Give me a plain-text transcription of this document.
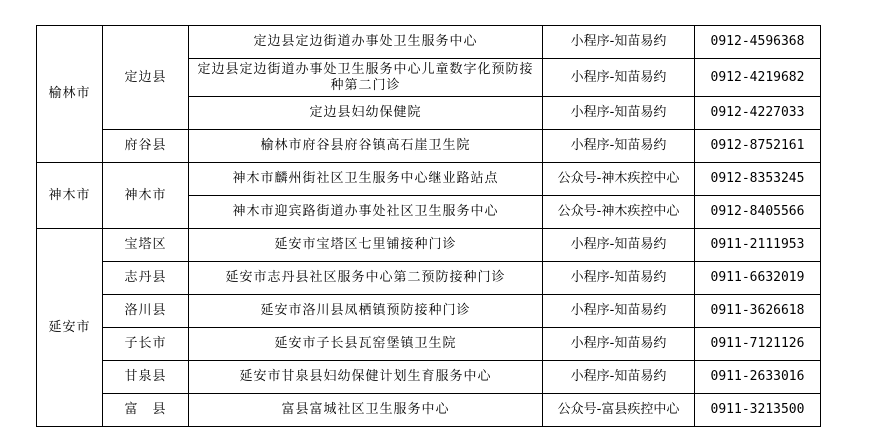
榆林市	定边县	定边县定边街道办事处卫生服务中心	小程序-知苗易约	0912-4596368
		定边县定边街道办事处卫生服务中心儿童数字化预防接种第二门诊	小程序-知苗易约	0912-4219682
		定边县妇幼保健院	小程序-知苗易约	0912-4227033
	府谷县	榆林市府谷县府谷镇高石崖卫生院	小程序-知苗易约	0912-8752161
神木市	神木市	神木市麟州街社区卫生服务中心继业路站点	公众号-神木疾控中心	0912-8353245
		神木市迎宾路街道办事处社区卫生服务中心	公众号-神木疾控中心	0912-8405566
延安市	宝塔区	延安市宝塔区七里铺接种门诊	小程序-知苗易约	0911-2111953
	志丹县	延安市志丹县社区服务中心第二预防接种门诊	小程序-知苗易约	0911-6632019
	洛川县	延安市洛川县凤栖镇预防接种门诊	小程序-知苗易约	0911-3626618
	子长市	延安市子长县瓦窑堡镇卫生院	小程序-知苗易约	0911-7121126
	甘泉县	延安市甘泉县妇幼保健计划生育服务中心	小程序-知苗易约	0911-2633016
	富　县	富县富城社区卫生服务中心	公众号-富县疾控中心	0911-3213500
